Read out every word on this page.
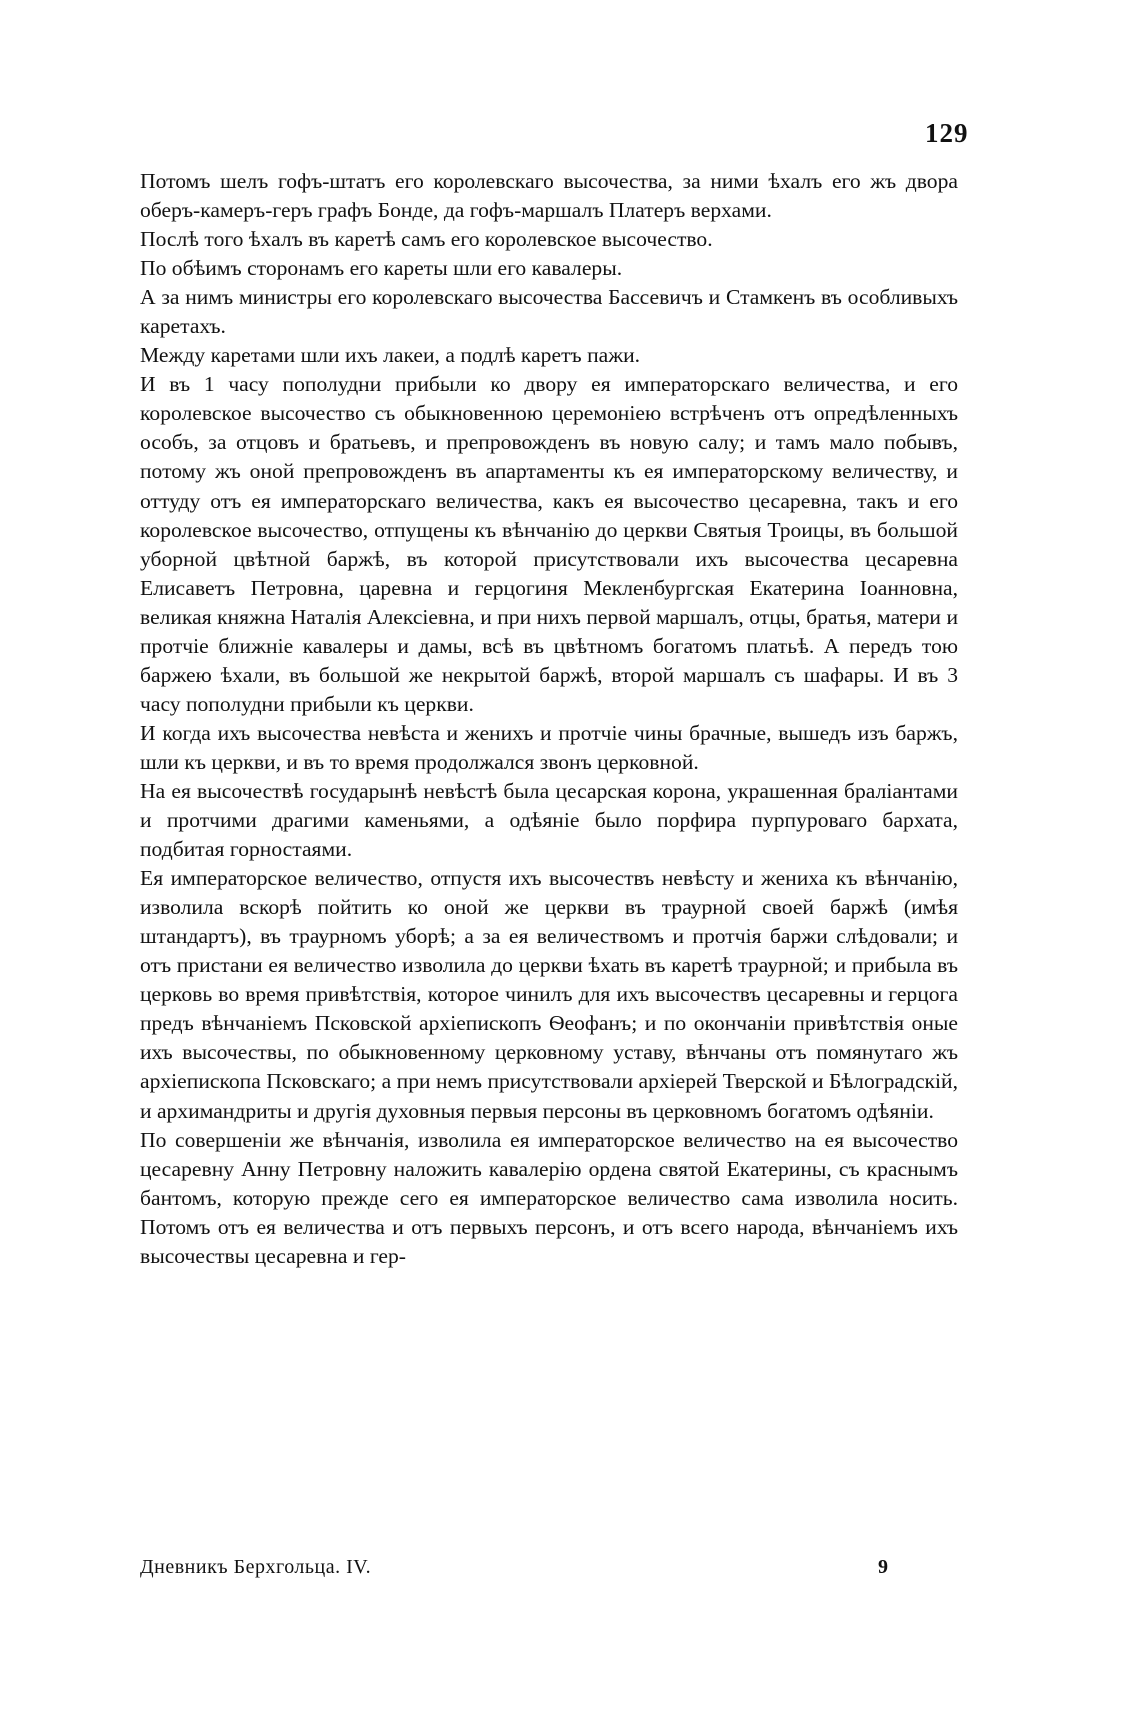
129

Потомъ шелъ гофъ-штатъ его королевскаго высочества, за ними ѣхалъ его жъ двора оберъ-камеръ-геръ графъ Бонде, да гофъ-маршалъ Платеръ верхами.

Послѣ того ѣхалъ въ каретѣ самъ его королевское высочество.

По обѣимъ сторонамъ его кареты шли его кавалеры.

А за нимъ министры его королевскаго высочества Бассевичъ и Стамкенъ въ особливыхъ каретахъ.

Между каретами шли ихъ лакеи, а подлѣ каретъ пажи.

И въ 1 часу пополудни прибыли ко двору ея императорскаго величества, и его королевское высочество съ обыкновенною церемоніею встрѣченъ отъ опредѣленныхъ особъ, за отцовъ и братьевъ, и препровожденъ въ новую салу; и тамъ мало побывъ, потому жъ оной препровожденъ въ апартаменты къ ея императорскому величеству, и оттуду отъ ея императорскаго величества, какъ ея высочество цесаревна, такъ и его королевское высочество, отпущены къ вѣнчанію до церкви Святыя Троицы, въ большой уборной цвѣтной баржѣ, въ которой присутствовали ихъ высочества цесаревна Елисаветъ Петровна, царевна и герцогиня Мекленбургская Екатерина Іоанновна, великая княжна Наталія Алексіевна, и при нихъ первой маршалъ, отцы, братья, матери и протчіе ближніе кавалеры и дамы, всѣ въ цвѣтномъ богатомъ платьѣ. А передъ тою баржею ѣхали, въ большой же некрытой баржѣ, второй маршалъ съ шафары. И въ 3 часу пополудни прибыли къ церкви.

И когда ихъ высочества невѣста и женихъ и протчіе чины брачные, вышедъ изъ баржъ, шли къ церкви, и въ то время продолжался звонъ церковной.

На ея высочествѣ государынѣ невѣстѣ была цесарская корона, украшенная браліантами и протчими драгими каменьями, а одѣяніе было порфира пурпуроваго бархата, подбитая горностаями.

Ея императорское величество, отпустя ихъ высочествъ невѣсту и жениха къ вѣнчанію, изволила вскорѣ пойтить ко оной же церкви въ траурной своей баржѣ (имѣя штандартъ), въ траурномъ уборѣ; а за ея величествомъ и протчія баржи слѣдовали; и отъ пристани ея величество изволила до церкви ѣхать въ каретѣ траурной; и прибыла въ церковь во время привѣтствія, которое чинилъ для ихъ высочествъ цесаревны и герцога предъ вѣнчаніемъ Псковской архіепископъ Ѳеофанъ; и по окончаніи привѣтствія оные ихъ высочествы, по обыкновенному церковному уставу, вѣнчаны отъ помянутаго жъ архіепископа Псковскаго; а при немъ присутствовали архіерей Тверской и Бѣлоградскій, и архимандриты и другія духовныя первыя персоны въ церковномъ богатомъ одѣяніи.

По совершеніи же вѣнчанія, изволила ея императорское величество на ея высочество цесаревну Анну Петровну наложить кавалерію ордена святой Екатерины, съ краснымъ бантомъ, которую прежде сего ея императорское величество сама изволила носить. Потомъ отъ ея величества и отъ первыхъ персонъ, и отъ всего народа, вѣнчаніемъ ихъ высочествы цесаревна и гер-

Дневникъ Берхгольца. IV.	9
